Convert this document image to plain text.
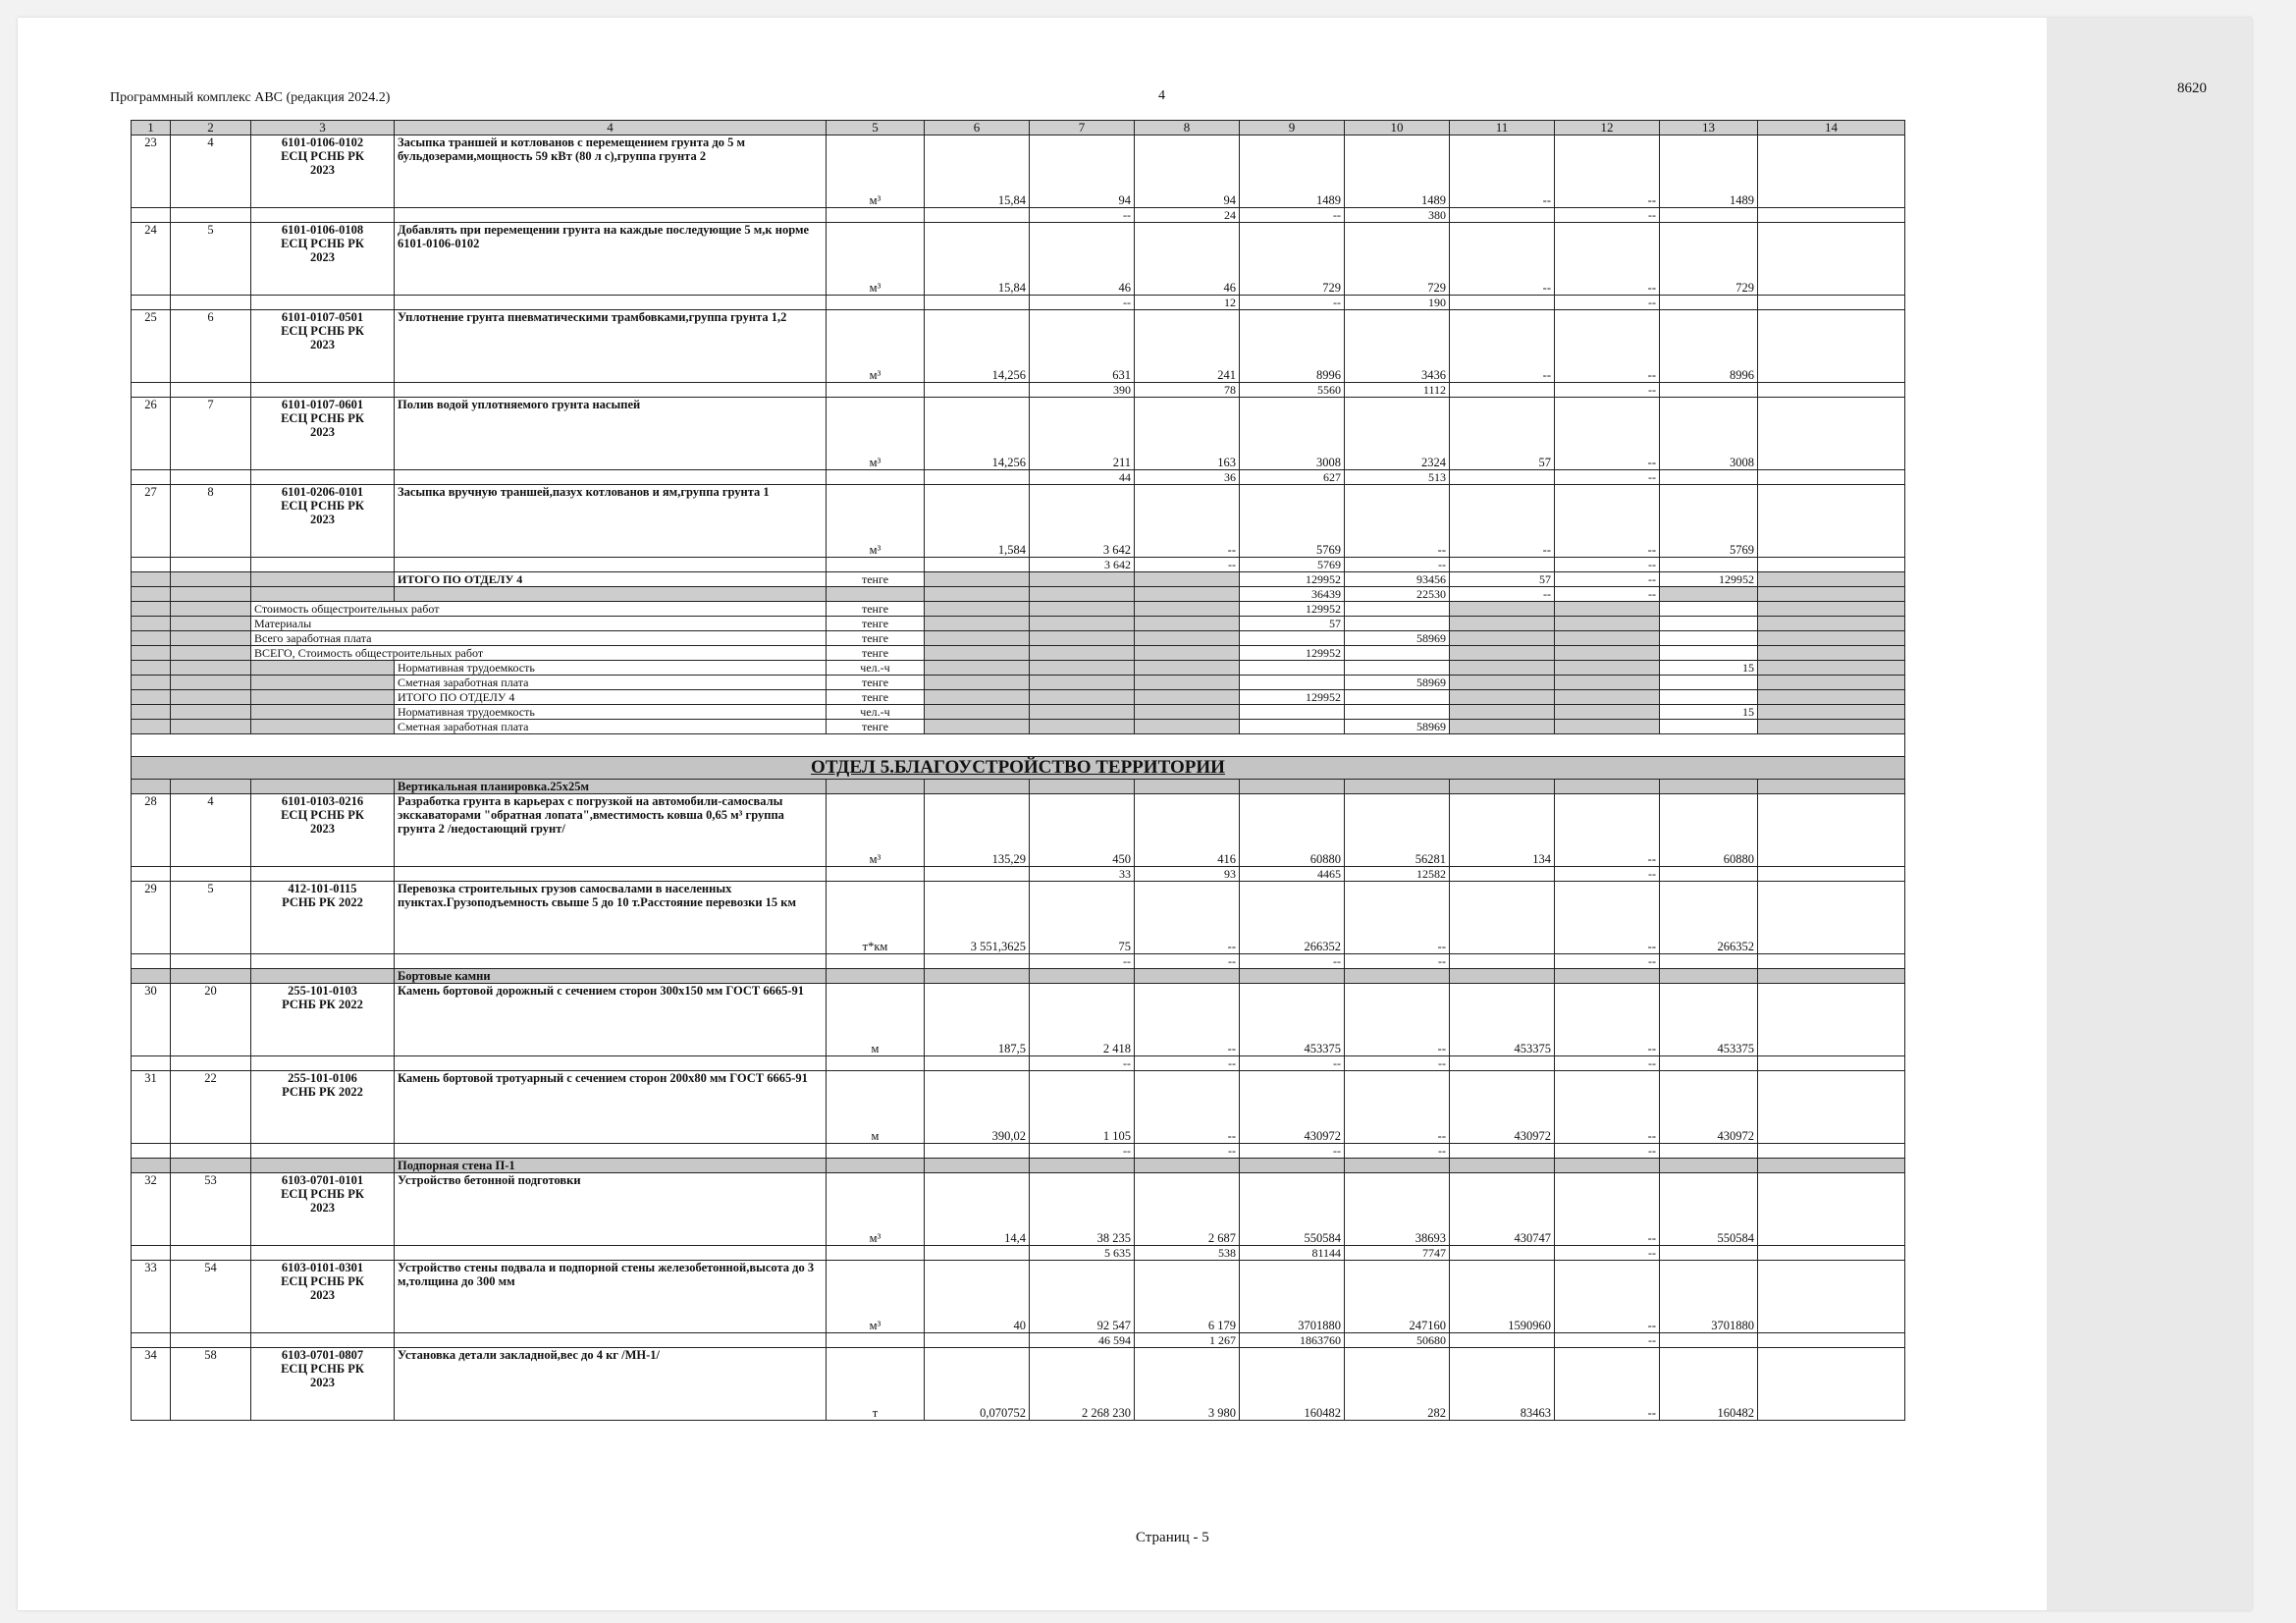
Программный комплекс АВС (редакция 2024.2)	4	8620
1	2	3	4	5	6	7	8	9	10	11	12	13	14
23	4	6101-0106-0102
ЕСЦ РСНБ РК
2023	Засыпка траншей и котлованов с перемещением грунта до 5 м бульдозерами,мощность 59 кВт (80 л с),группа грунта 2	м³	15,84	94	94	1489	1489	--	--	1489	
						--	24	--	380		--		
24	5	6101-0106-0108
ЕСЦ РСНБ РК
2023	Добавлять при перемещении грунта на каждые последующие 5 м,к норме 6101-0106-0102	м³	15,84	46	46	729	729	--	--	729	
						--	12	--	190		--		
25	6	6101-0107-0501
ЕСЦ РСНБ РК
2023	Уплотнение грунта пневматическими трамбовками,группа грунта 1,2	м³	14,256	631	241	8996	3436	--	--	8996	
						390	78	5560	1112		--		
26	7	6101-0107-0601
ЕСЦ РСНБ РК
2023	Полив водой уплотняемого грунта насыпей	м³	14,256	211	163	3008	2324	57	--	3008	
						44	36	627	513		--		
27	8	6101-0206-0101
ЕСЦ РСНБ РК
2023	Засыпка вручную траншей,пазух котлованов и ям,группа грунта 1	м³	1,584	3 642	--	5769	--	--	--	5769	
						3 642	--	5769	--		--		
			ИТОГО ПО ОТДЕЛУ 4	тенге				129952	93456	57	--	129952	
								36439	22530	--	--		
		Стоимость общестроительных работ		тенге				129952					
		Материалы		тенге				57					
		Всего заработная плата		тенге					58969				
		ВСЕГО, Стоимость общестроительных работ		тенге				129952					
			Нормативная трудоемкость	чел.-ч								15	
			Сметная заработная плата	тенге					58969				
			ИТОГО ПО ОТДЕЛУ 4	тенге				129952					
			Нормативная трудоемкость	чел.-ч								15	
			Сметная заработная плата	тенге					58969				

ОТДЕЛ 5.БЛАГОУСТРОЙСТВО ТЕРРИТОРИИ													
			Вертикальная планировка.25х25м										
28	4	6101-0103-0216
ЕСЦ РСНБ РК
2023	Разработка грунта в карьерах с погрузкой на автомобили-самосвалы экскаваторами "обратная лопата",вместимость ковша 0,65 м³ группа грунта 2 /недостающий грунт/	м³	135,29	450	416	60880	56281	134	--	60880	
						33	93	4465	12582		--		
29	5	412-101-0115
РСНБ РК 2022	Перевозка строительных грузов самосвалами в населенных пунктах.Грузоподъемность свыше 5 до 10 т.Расстояние перевозки 15 км	т*км	3 551,3625	75	--	266352	--		--	266352	
						--	--	--	--		--		
			Бортовые камни										
30	20	255-101-0103
РСНБ РК 2022	Камень бортовой дорожный с сечением сторон 300х150 мм ГОСТ 6665-91	м	187,5	2 418	--	453375	--	453375	--	453375	
						--	--	--	--		--		
31	22	255-101-0106
РСНБ РК 2022	Камень бортовой тротуарный с сечением сторон 200х80 мм ГОСТ 6665-91	м	390,02	1 105	--	430972	--	430972	--	430972	
						--	--	--	--		--		
			Подпорная стена П-1										
32	53	6103-0701-0101
ЕСЦ РСНБ РК
2023	Устройство бетонной подготовки	м³	14,4	38 235	2 687	550584	38693	430747	--	550584	
						5 635	538	81144	7747		--		
33	54	6103-0101-0301
ЕСЦ РСНБ РК
2023	Устройство стены подвала и подпорной стены железобетонной,высота до 3 м,толщина до 300 мм	м³	40	92 547	6 179	3701880	247160	1590960	--	3701880	
						46 594	1 267	1863760	50680		--		
34	58	6103-0701-0807
ЕСЦ РСНБ РК
2023	Установка детали закладной,вес до 4 кг /МН-1/	т	0,070752	2 268 230	3 980	160482	282	83463	--	160482	
Страниц - 5
